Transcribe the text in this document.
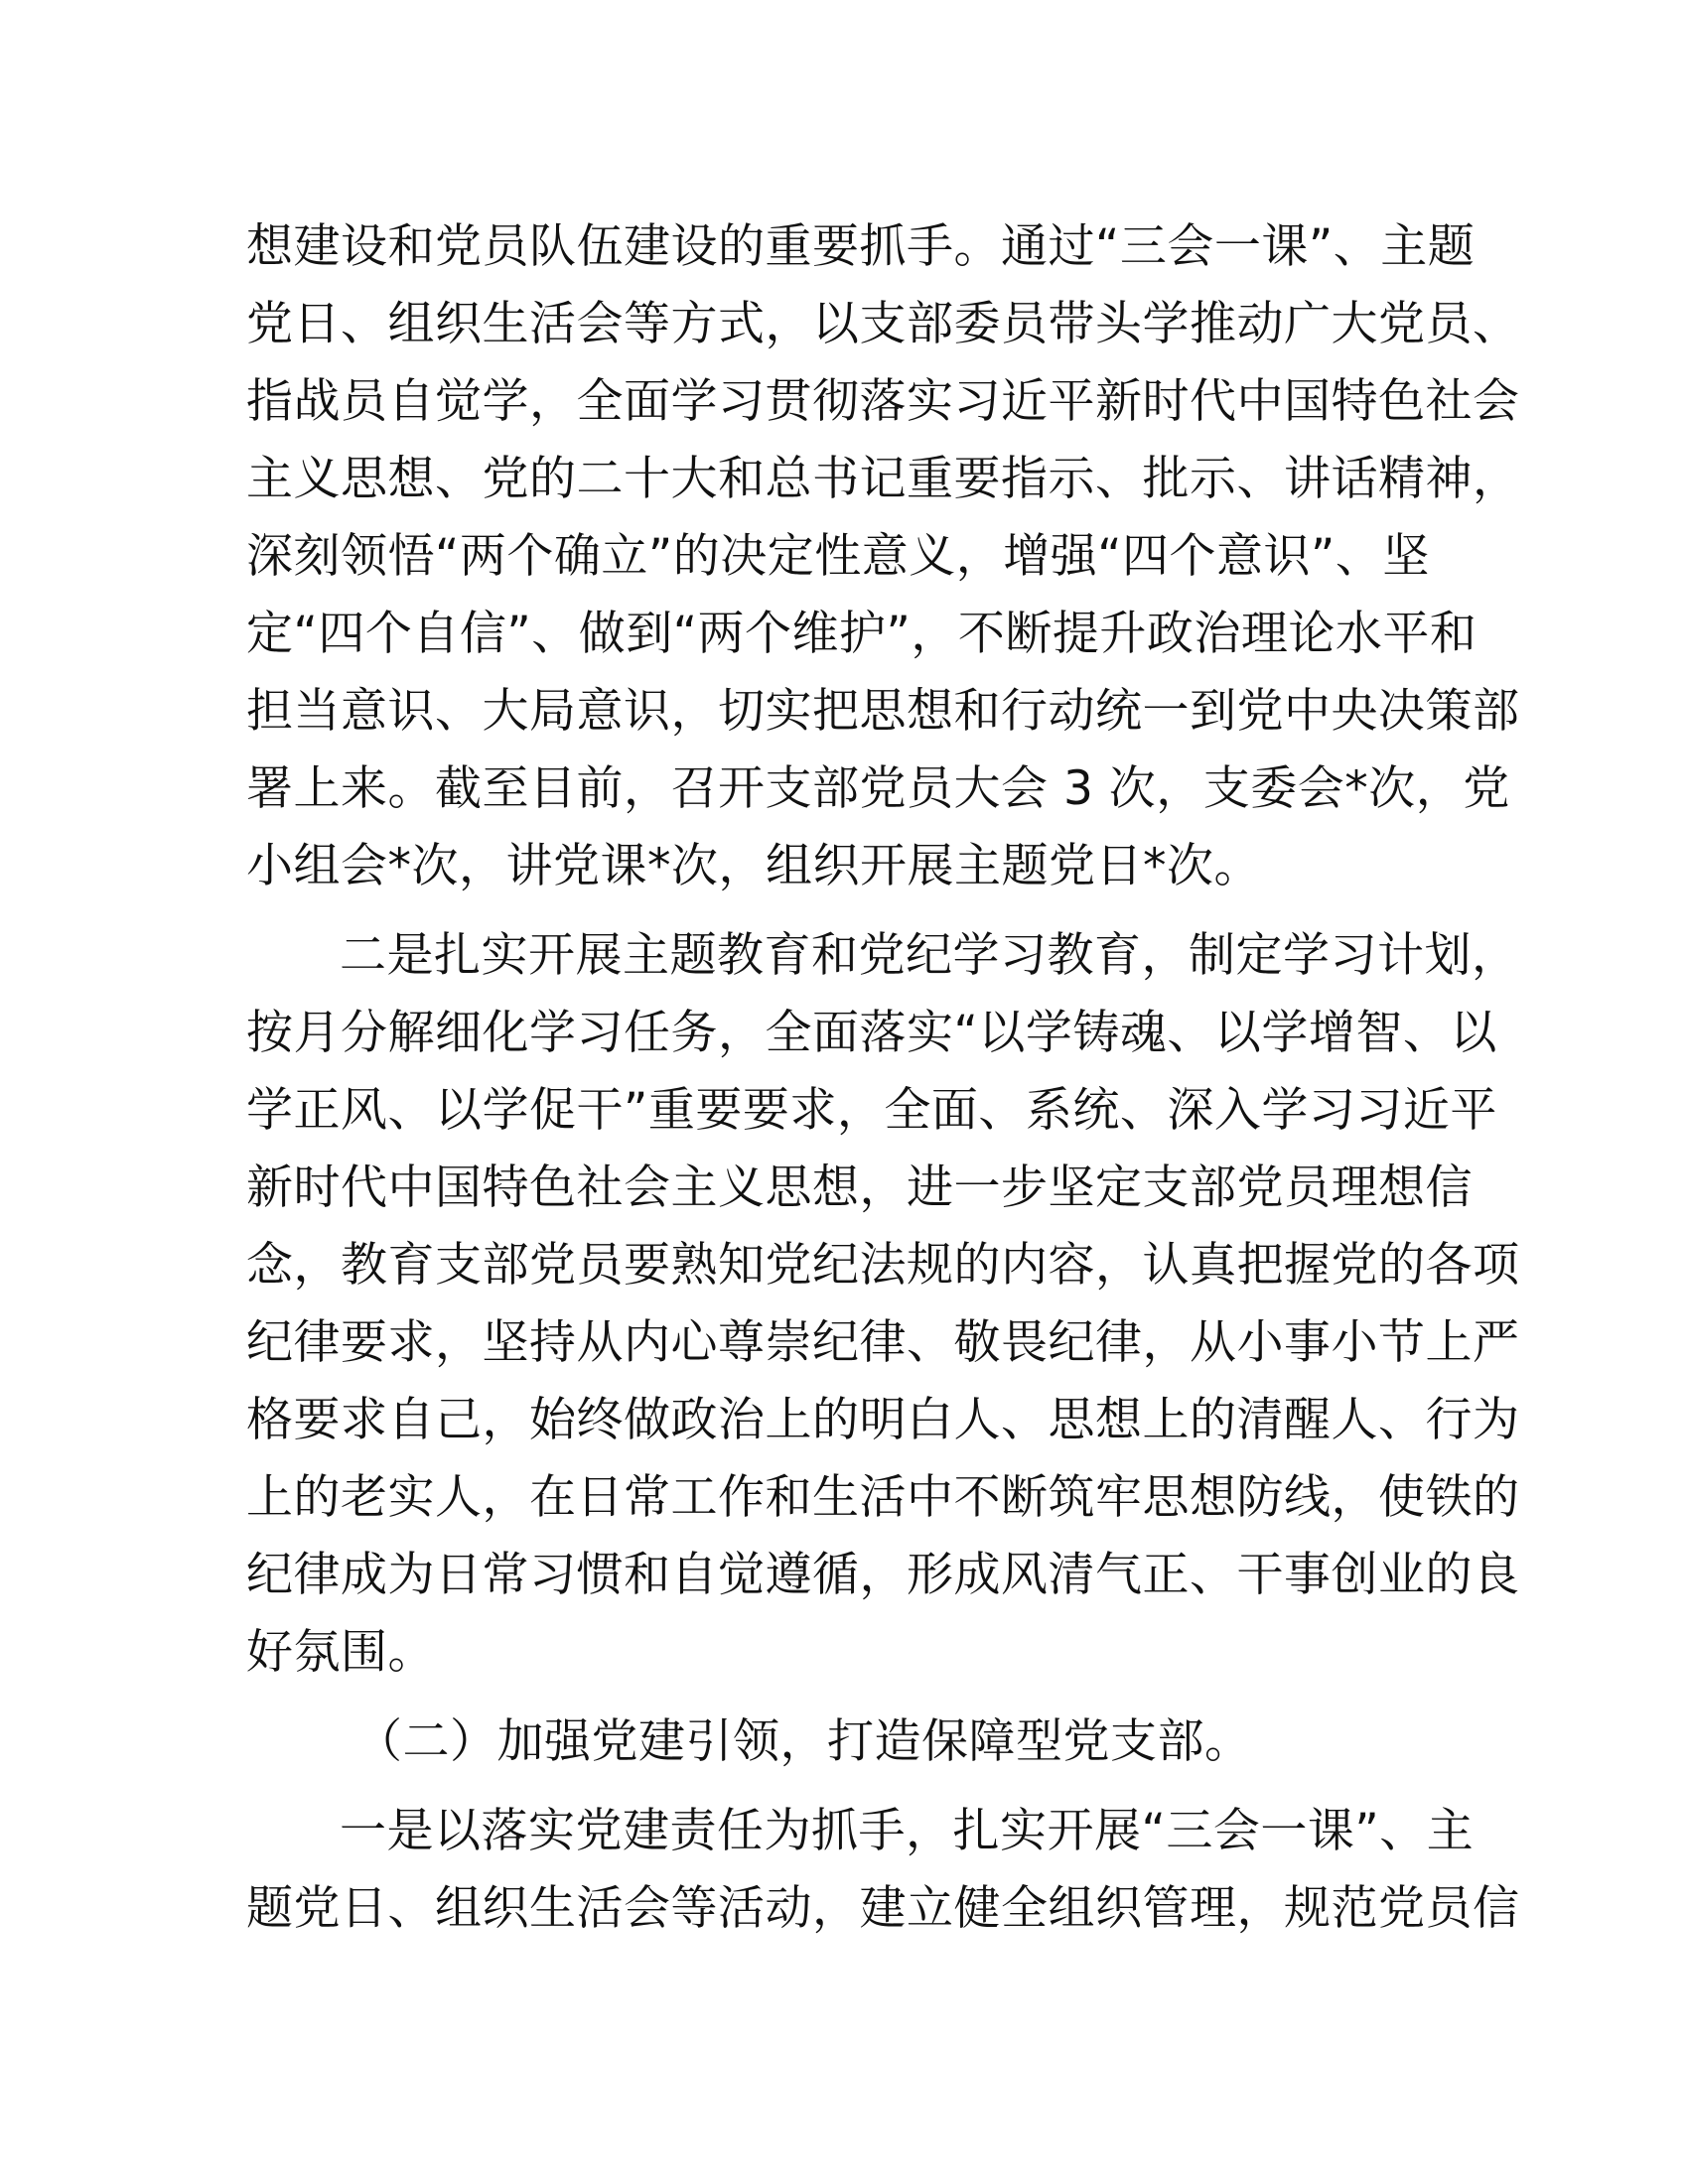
想建设和党员队伍建设的重要抓手。通过“三会一课”、主题
党日、组织生活会等方式，以支部委员带头学推动广大党员、
指战员自觉学，全面学习贯彻落实习近平新时代中国特色社会
主义思想、党的二十大和总书记重要指示、批示、讲话精神，
深刻领悟“两个确立”的决定性意义，增强“四个意识”、坚
定“四个自信”、做到“两个维护”，不断提升政治理论水平和
担当意识、大局意识，切实把思想和行动统一到党中央决策部
署上来。截至目前，召开支部党员大会 3 次，支委会*次，党
小组会*次，讲党课*次，组织开展主题党日*次。
二是扎实开展主题教育和党纪学习教育，制定学习计划，
按月分解细化学习任务，全面落实“以学铸魂、以学增智、以
学正风、以学促干”重要要求，全面、系统、深入学习习近平
新时代中国特色社会主义思想，进一步坚定支部党员理想信
念，教育支部党员要熟知党纪法规的内容，认真把握党的各项
纪律要求，坚持从内心尊崇纪律、敬畏纪律，从小事小节上严
格要求自己，始终做政治上的明白人、思想上的清醒人、行为
上的老实人，在日常工作和生活中不断筑牢思想防线，使铁的
纪律成为日常习惯和自觉遵循，形成风清气正、干事创业的良
好氛围。
（二）加强党建引领，打造保障型党支部。
一是以落实党建责任为抓手，扎实开展“三会一课”、主
题党日、组织生活会等活动，建立健全组织管理，规范党员信
